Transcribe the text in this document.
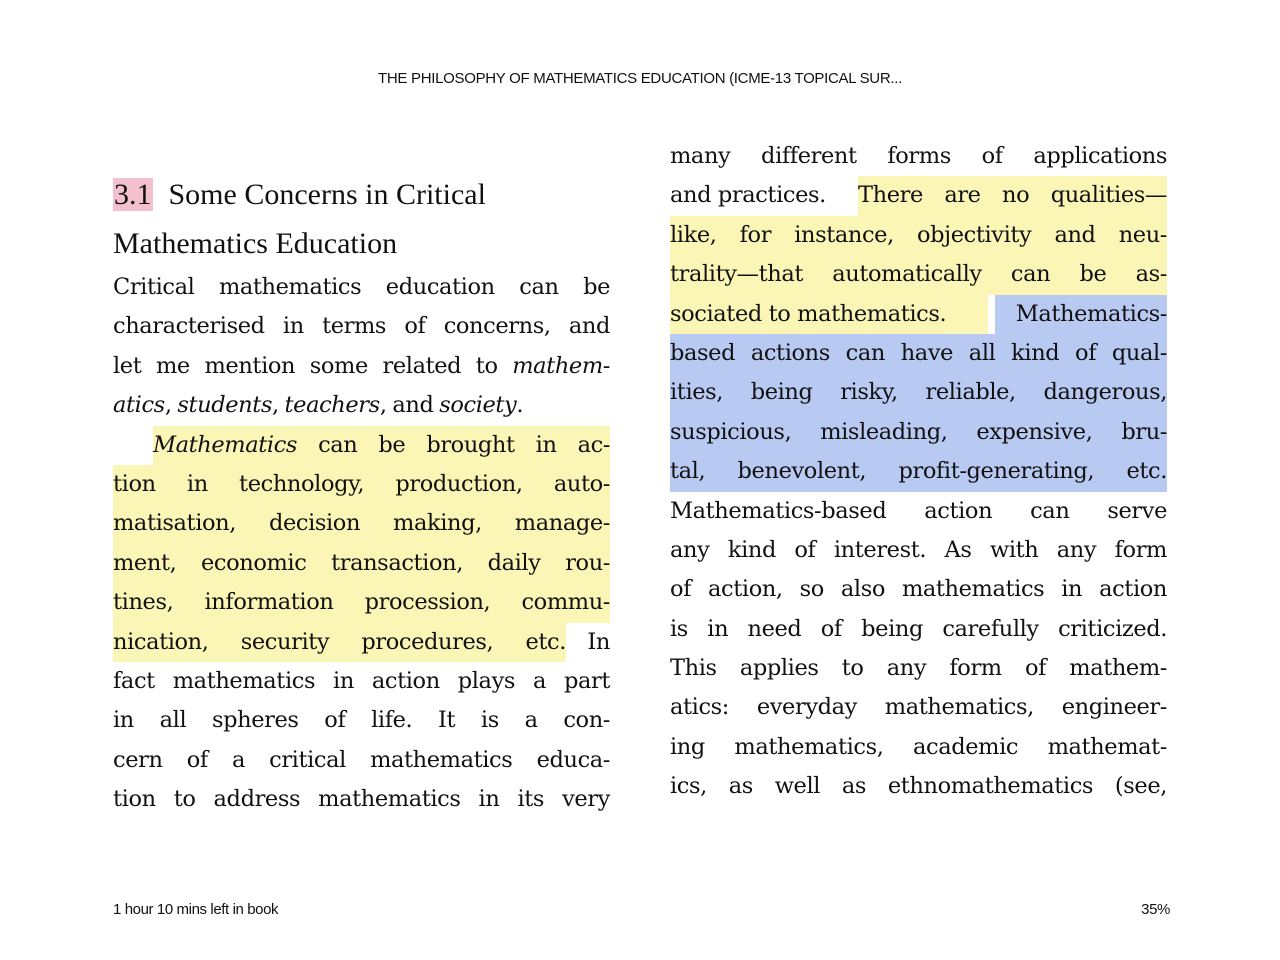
THE PHILOSOPHY OF MATHEMATICS EDUCATION (ICME-13 TOPICAL SUR...
3.1 Some Concerns in Critical
Mathematics Education
Critical mathematics education can be
characterised in terms of concerns, and
let me mention some related to mathem-
atics, students, teachers, and society.
Mathematics can be brought in ac-
tion in technology, production, auto-
matisation, decision making, manage-
ment, economic transaction, daily rou-
tines, information procession, commu-
nication, security procedures, etc. In
fact mathematics in action plays a part
in all spheres of life. It is a con-
cern of a critical mathematics educa-
tion to address mathematics in its very
many different forms of applications
and practices.	There are no qualities—
like, for instance, objectivity and neu-
trality—that automatically can be as-
sociated to mathematics.	Mathematics-
based actions can have all kind of qual-
ities, being risky, reliable, dangerous,
suspicious, misleading, expensive, bru-
tal, benevolent, profit-generating, etc.
Mathematics-based action can serve
any kind of interest. As with any form
of action, so also mathematics in action
is in need of being carefully criticized.
This applies to any form of mathem-
atics: everyday mathematics, engineer-
ing mathematics, academic mathemat-
ics, as well as ethnomathematics (see,
1 hour 10 mins left in book	35%
